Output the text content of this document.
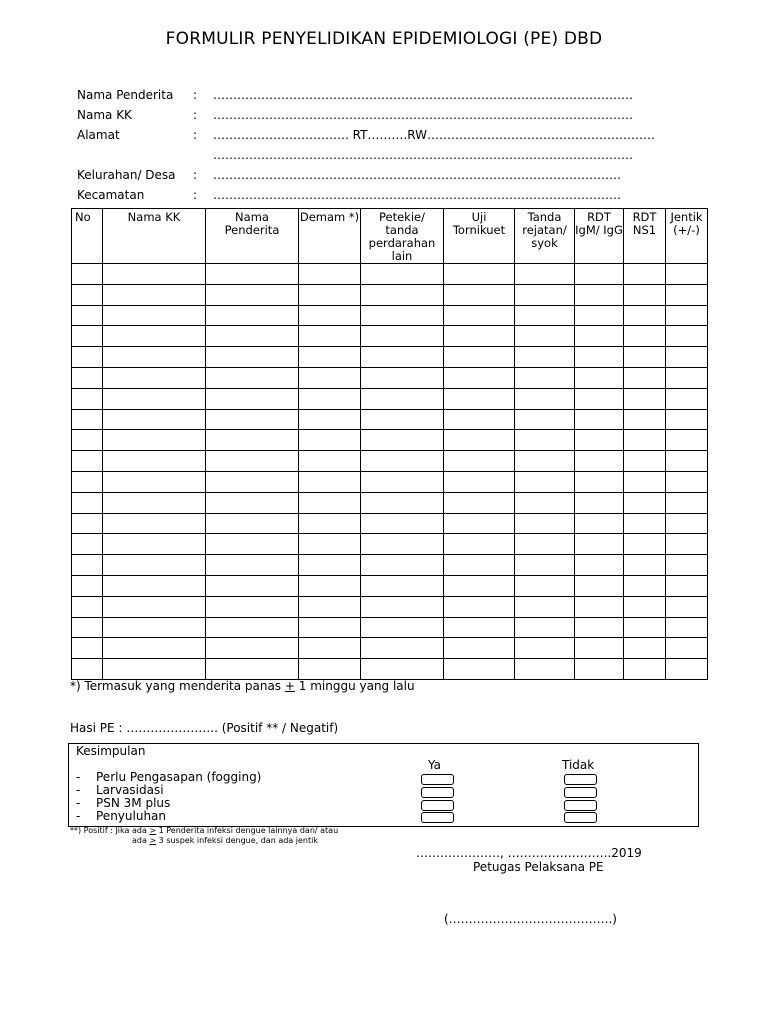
FORMULIR PENYELIDIKAN EPIDEMIOLOGI (PE) DBD
Nama Penderita : ……………………………………………………………………………………………
Nama KK	: ……………………………………………………………………………………………
Alamat	: ……………………………. RT……….RW…………………………………………………
……………………………………………………………………………………………
Kelurahan/ Desa : …………………………………………………………………………………………
Kecamatan	: …………………………………………………………………………………………
No	Nama KK	Nama Penderita	Demam *)	Petekie/ tanda perdarahan lain	Uji Tornikuet	Tanda rejatan/ syok	RDT IgM/ IgG	RDT NS1	Jentik (+/-)

*) Termasuk yang menderita panas + 1 minggu yang lalu
Hasi PE : ………………….. (Positif ** / Negatif)
Kesimpulan
Ya	Tidak
- Perlu Pengasapan (fogging)
- Larvasidasi
- PSN 3M plus
- Penyuluhan
**) Positif : Jika ada ≥ 1 Penderita infeksi dengue lainnya dan/ atau
ada ≥ 3 suspek infeksi dengue, dan ada jentik
…………………, ……………………..2019
Petugas Pelaksana PE
(…………………………………..)
